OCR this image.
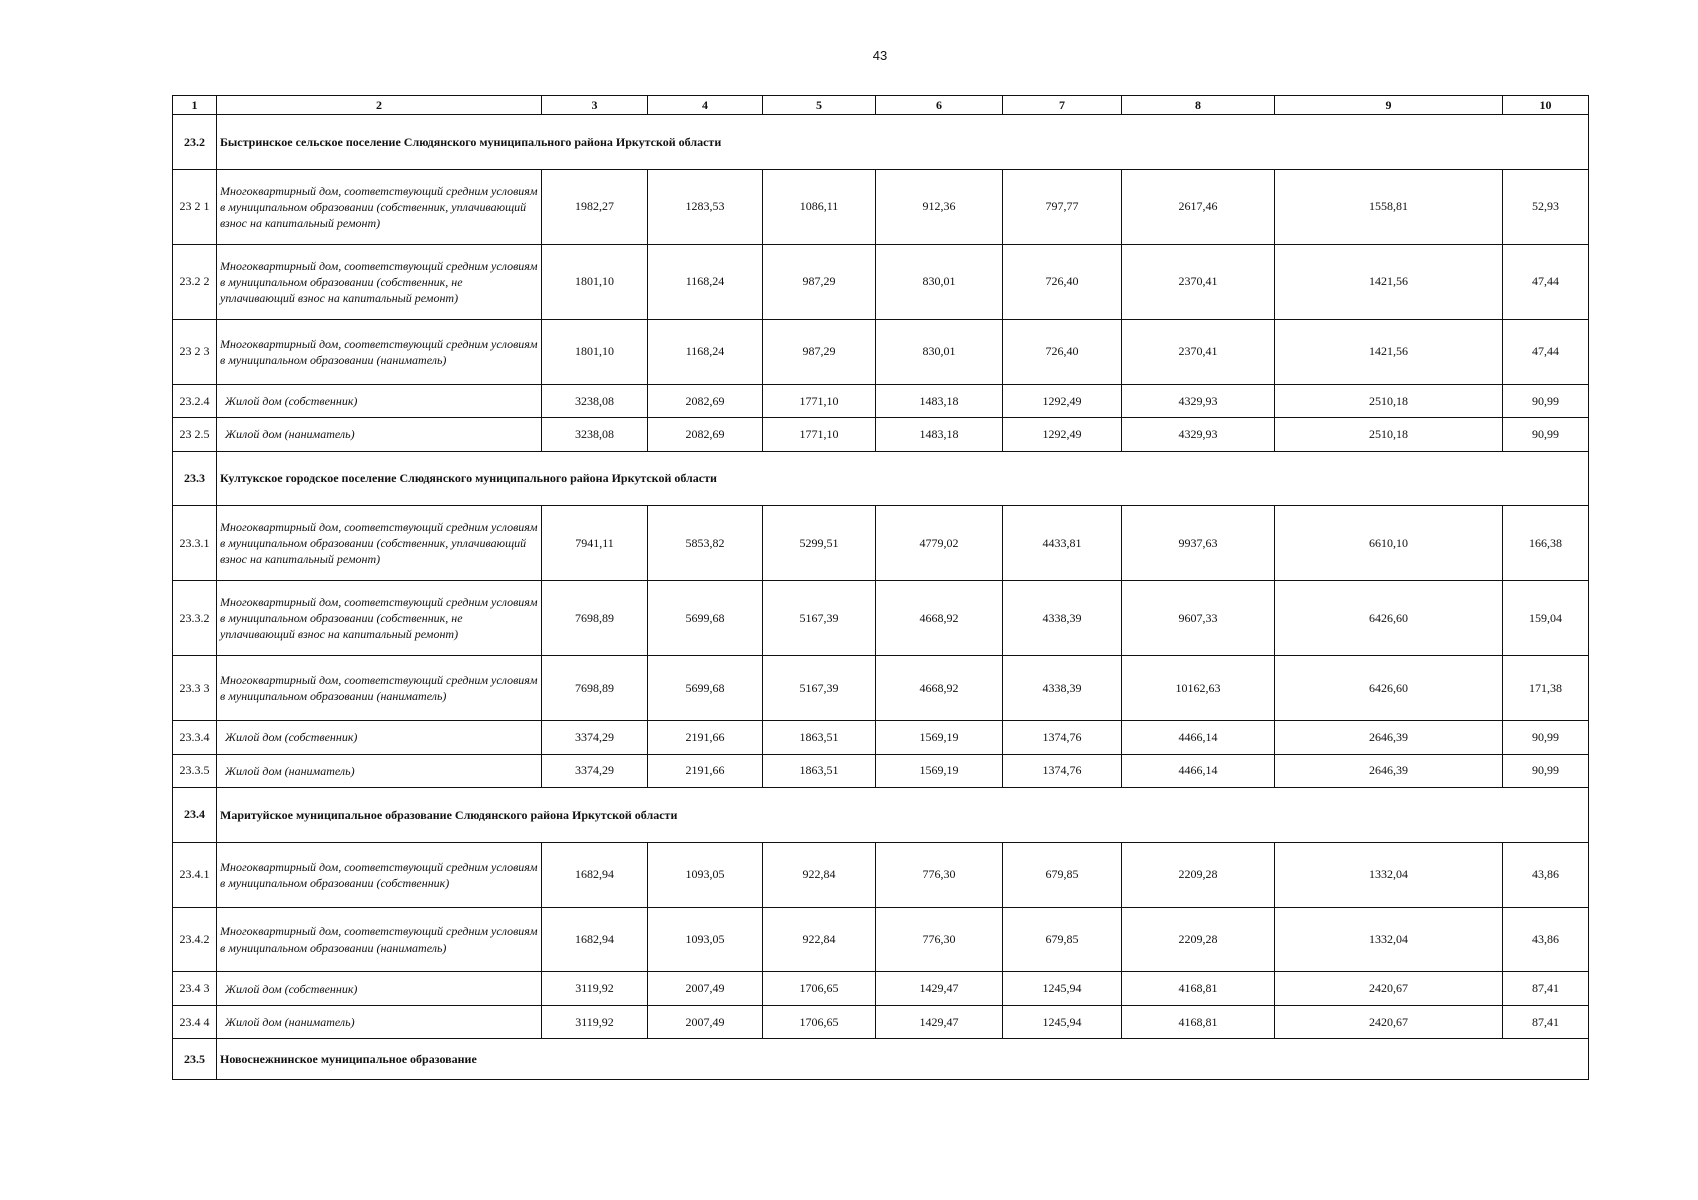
43
1	2	3	4	5	6	7	8	9	10
23.2	Быстринское сельское поселение Слюдянского муниципального района Иркутской области								
23 2 1	Многоквартирный дом, соответствующий средним условиям в муниципальном образовании (собственник, уплачивающий взнос на капитальный ремонт)	1982,27	1283,53	1086,11	912,36	797,77	2617,46	1558,81	52,93
23.2 2	Многоквартирный дом, соответствующий средним условиям в муниципальном образовании (собственник, не уплачивающий взнос на капитальный ремонт)	1801,10	1168,24	987,29	830,01	726,40	2370,41	1421,56	47,44
23 2 3	Многоквартирный дом, соответствующий средним условиям в муниципальном образовании (наниматель)	1801,10	1168,24	987,29	830,01	726,40	2370,41	1421,56	47,44
23.2.4	Жилой дом (собственник)	3238,08	2082,69	1771,10	1483,18	1292,49	4329,93	2510,18	90,99
23 2.5	Жилой дом (наниматель)	3238,08	2082,69	1771,10	1483,18	1292,49	4329,93	2510,18	90,99
23.3	Култукское городское поселение Слюдянского муниципального района Иркутской области								
23.3.1	Многоквартирный дом, соответствующий средним условиям в муниципальном образовании (собственник, уплачивающий взнос на капитальный ремонт)	7941,11	5853,82	5299,51	4779,02	4433,81	9937,63	6610,10	166,38
23.3.2	Многоквартирный дом, соответствующий средним условиям в муниципальном образовании (собственник, не уплачивающий взнос на капитальный ремонт)	7698,89	5699,68	5167,39	4668,92	4338,39	9607,33	6426,60	159,04
23.3 3	Многоквартирный дом, соответствующий средним условиям в муниципальном образовании (наниматель)	7698,89	5699,68	5167,39	4668,92	4338,39	10162,63	6426,60	171,38
23.3.4	Жилой дом (собственник)	3374,29	2191,66	1863,51	1569,19	1374,76	4466,14	2646,39	90,99
23.3.5	Жилой дом (наниматель)	3374,29	2191,66	1863,51	1569,19	1374,76	4466,14	2646,39	90,99
23.4	Маритуйское муниципальное образование Слюдянского района Иркутской области								
23.4.1	Многоквартирный дом, соответствующий средним условиям в муниципальном образовании (собственник)	1682,94	1093,05	922,84	776,30	679,85	2209,28	1332,04	43,86
23.4.2	Многоквартирный дом, соответствующий средним условиям в муниципальном образовании (наниматель)	1682,94	1093,05	922,84	776,30	679,85	2209,28	1332,04	43,86
23.4 3	Жилой дом (собственник)	3119,92	2007,49	1706,65	1429,47	1245,94	4168,81	2420,67	87,41
23.4 4	Жилой дом (наниматель)	3119,92	2007,49	1706,65	1429,47	1245,94	4168,81	2420,67	87,41
23.5	Новоснежнинское муниципальное образование								
